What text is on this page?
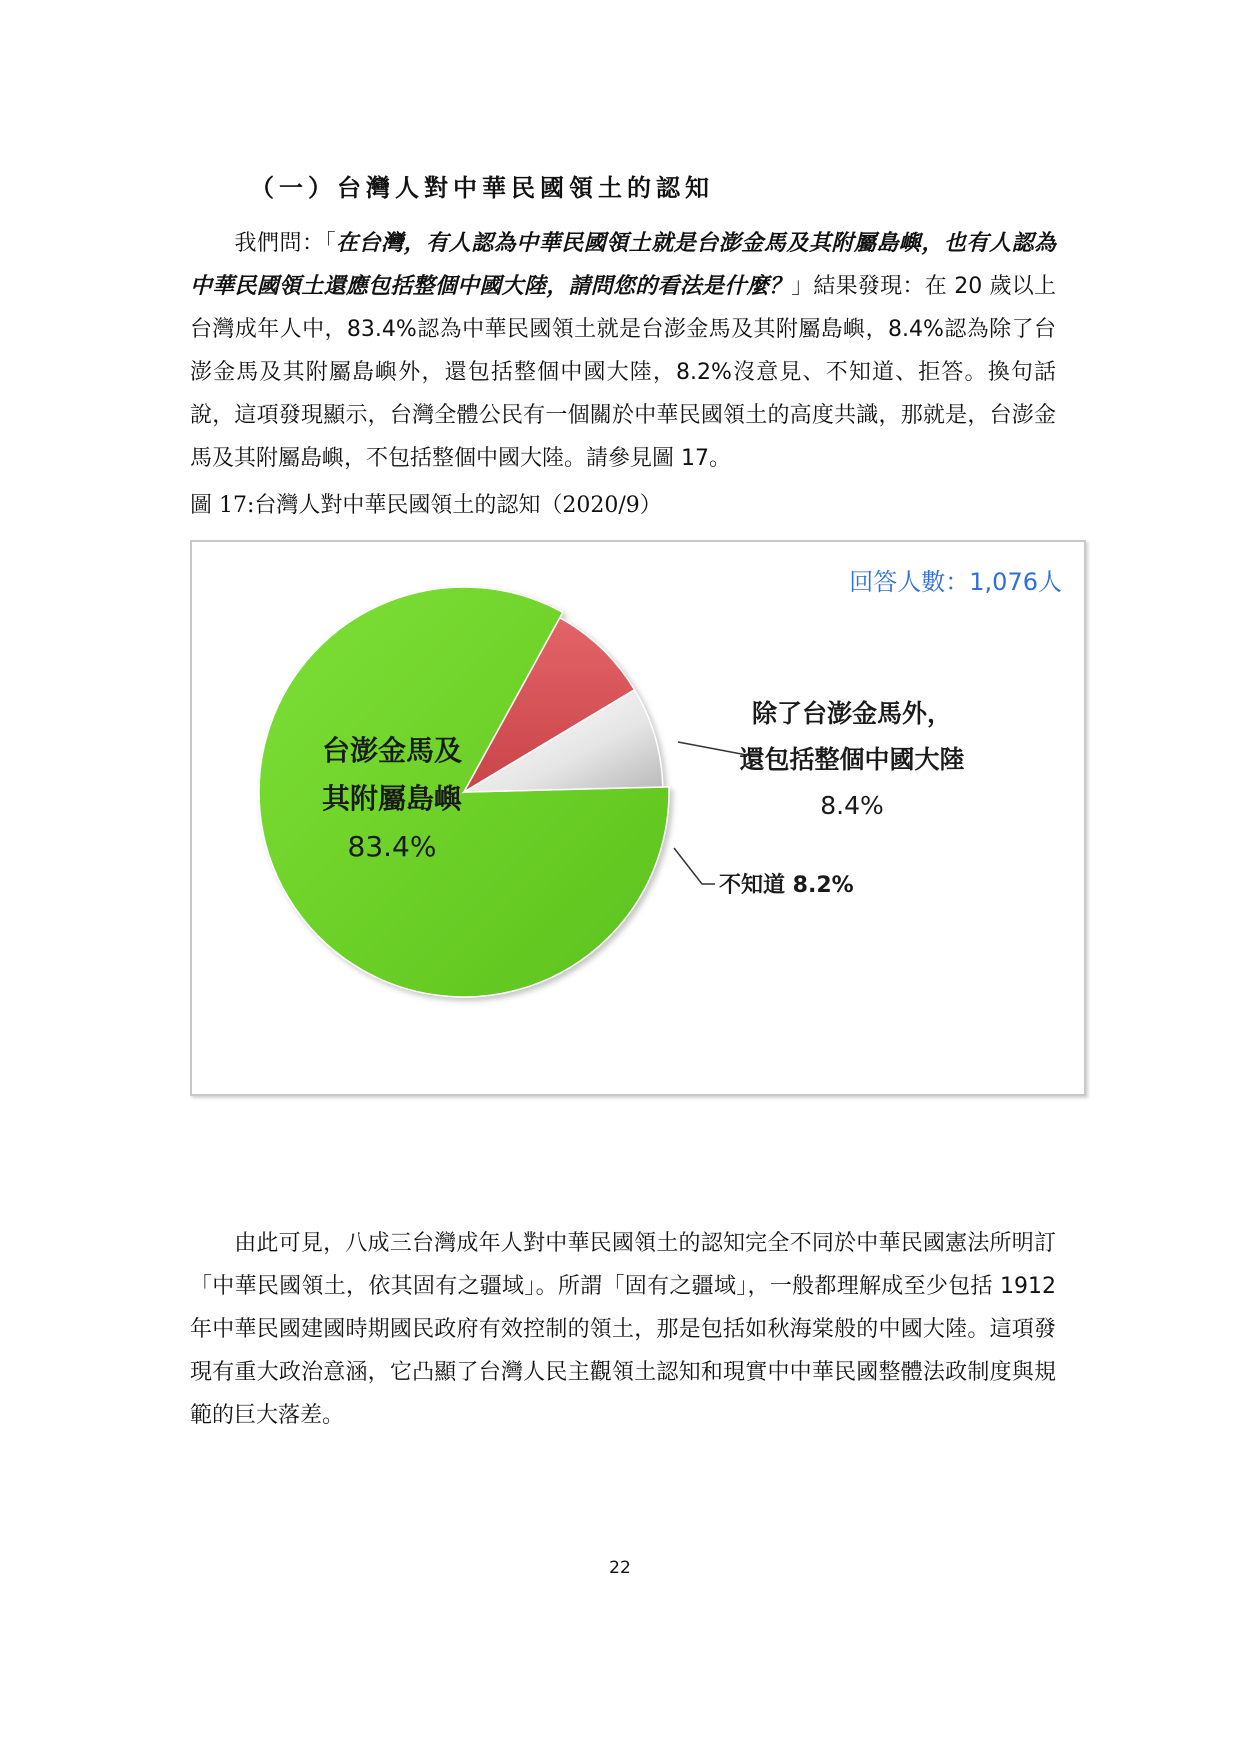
（一）台灣人對中華民國領土的認知
我們問：「在台灣，有人認為中華民國領土就是台澎金馬及其附屬島嶼，也有人認為中華民國領土還應包括整個中國大陸，請問您的看法是什麼？」結果發現：在 20 歲以上台灣成年人中，83.4%認為中華民國領土就是台澎金馬及其附屬島嶼，8.4%認為除了台澎金馬及其附屬島嶼外，還包括整個中國大陸，8.2%沒意見、不知道、拒答。換句話說，這項發現顯示，台灣全體公民有一個關於中華民國領土的高度共識，那就是，台澎金馬及其附屬島嶼，不包括整個中國大陸。請參見圖 17。
圖 17:台灣人對中華民國領土的認知（2020/9）
回答人數：1,076人
台澎金馬及
其附屬島嶼
83.4%
除了台澎金馬外，
還包括整個中國大陸
8.4%
不知道 8.2%
由此可見，八成三台灣成年人對中華民國領土的認知完全不同於中華民國憲法所明訂「中華民國領土，依其固有之疆域」。所謂「固有之疆域」，一般都理解成至少包括 1912 年中華民國建國時期國民政府有效控制的領土，那是包括如秋海棠般的中國大陸。這項發現有重大政治意涵，它凸顯了台灣人民主觀領土認知和現實中中華民國整體法政制度與規範的巨大落差。
22
